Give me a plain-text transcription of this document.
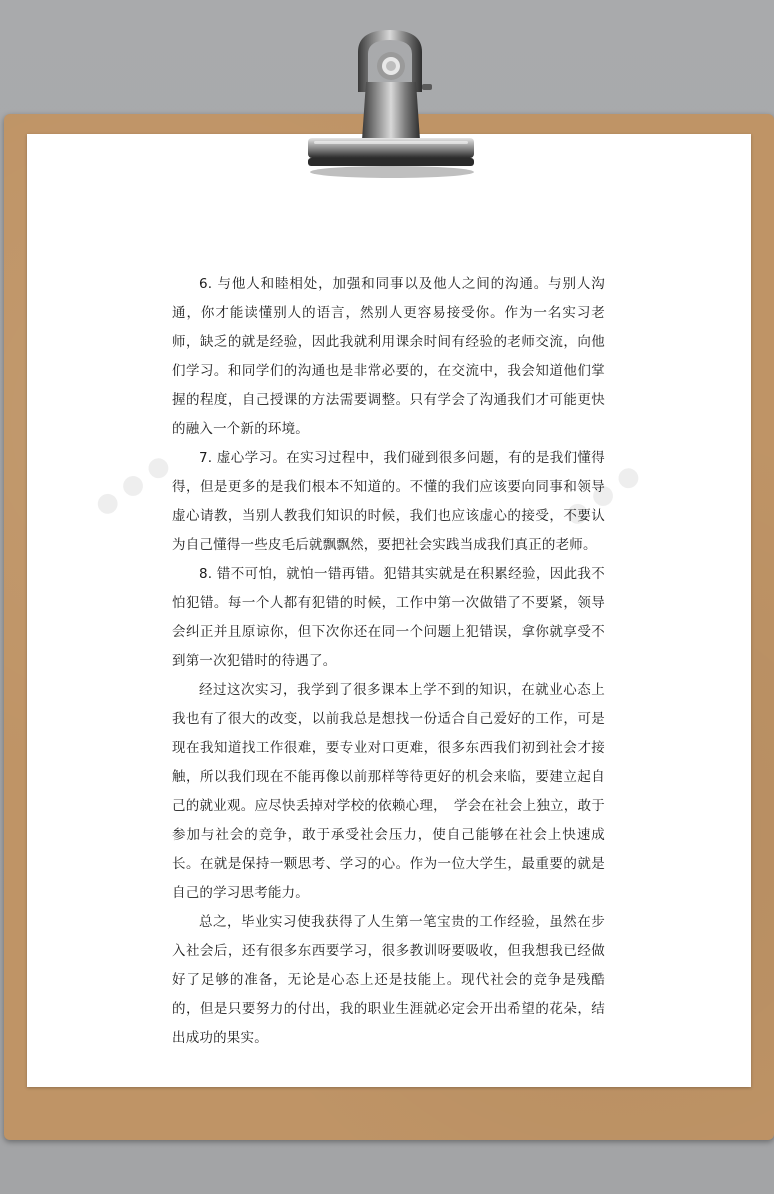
6. 与他人和睦相处，加强和同事以及他人之间的沟通。与别人沟通，你才能读懂别人的语言，然别人更容易接受你。作为一名实习老师，缺乏的就是经验，因此我就利用课余时间有经验的老师交流，向他们学习。和同学们的沟通也是非常必要的，在交流中，我会知道他们掌握的程度，自己授课的方法需要调整。只有学会了沟通我们才可能更快的融入一个新的环境。

7. 虚心学习。在实习过程中，我们碰到很多问题，有的是我们懂得得，但是更多的是我们根本不知道的。不懂的我们应该要向同事和领导虚心请教，当别人教我们知识的时候，我们也应该虚心的接受，不要认为自己懂得一些皮毛后就飘飘然，要把社会实践当成我们真正的老师。

8. 错不可怕，就怕一错再错。犯错其实就是在积累经验，因此我不怕犯错。每一个人都有犯错的时候，工作中第一次做错了不要紧，领导会纠正并且原谅你，但下次你还在同一个问题上犯错误，拿你就享受不到第一次犯错时的待遇了。

经过这次实习，我学到了很多课本上学不到的知识，在就业心态上我也有了很大的改变，以前我总是想找一份适合自己爱好的工作，可是现在我知道找工作很难，要专业对口更难，很多东西我们初到社会才接触，所以我们现在不能再像以前那样等待更好的机会来临，要建立起自己的就业观。应尽快丢掉对学校的依赖心理，　学会在社会上独立，敢于参加与社会的竞争，敢于承受社会压力，使自己能够在社会上快速成长。在就是保持一颗思考、学习的心。作为一位大学生，最重要的就是自己的学习思考能力。

总之，毕业实习使我获得了人生第一笔宝贵的工作经验，虽然在步入社会后，还有很多东西要学习，很多教训呀要吸收，但我想我已经做好了足够的准备，无论是心态上还是技能上。现代社会的竞争是残酷的，但是只要努力的付出，我的职业生涯就必定会开出希望的花朵，结出成功的果实。
